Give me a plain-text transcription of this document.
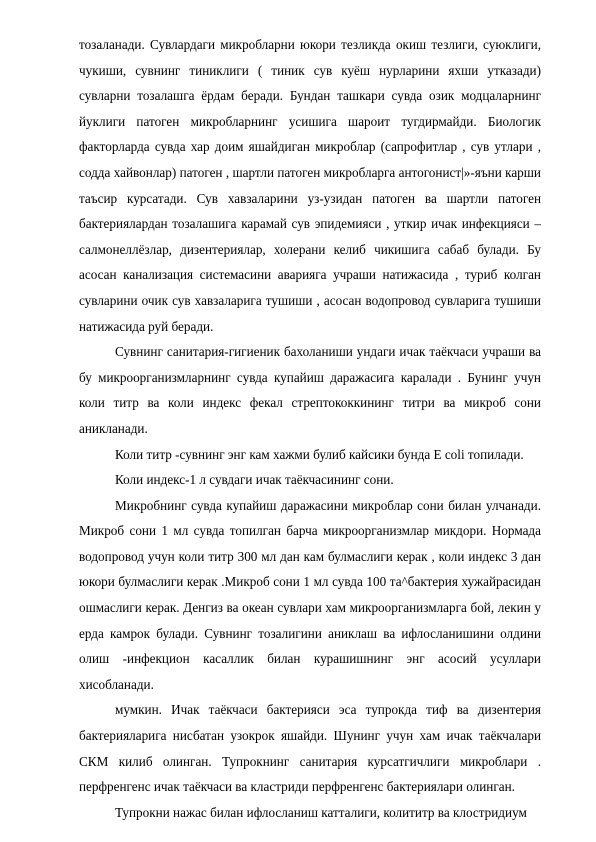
тозаланади. Сувлардаги микробларни юкори тезликда окиш тезлиги, суюклиги, чукиши, сувнинг тиниклиги ( тиник сув куёш нурларини яхши утказади) сувларни тозалашга ёрдам беради. Бундан ташкари сувда озик модцаларнинг йуклиги патоген микробларнинг усишига шароит тугдирмайди. Биологик факторларда сувда хар доим яшайдиган микроблар (сапрофитлар , сув утлари , содда хайвонлар) патоген , шартли патоген микробларга антогонист|»-яъни карши таъсир курсатади. Сув хавзаларини уз-узидан патоген ва шартли патоген бактериялардан тозалашига карамай сув эпидемияси , уткир ичак инфекцияси – салмонеллёзлар, дизентериялар, холерани келиб чикишига сабаб булади. Бу асосан канализация системасини аварияга учраши натижасида , туриб колган сувларини очик сув хавзаларига тушиши , асосан водопровод сувларига тушиши натижасида руй беради.

Сувнинг санитария-гигиеник бахоланиши ундаги ичак таёкчаси учраши ва бу микроорганизмларнинг сувда купайиш даражасига каралади . Бунинг учун коли титр ва коли индекс фекал стрептококкининг титри ва микроб сони аникланади.

Коли титр -сувнинг энг кам хажми булиб кайсики бунда E coli топилади.

Коли индекс-1 л сувдаги ичак таёкчасининг сони.

Микробнинг сувда купайиш даражасини микроблар сони билан улчанади. Микроб сони 1 мл сувда топилган барча микроорганизмлар микдори. Нормада водопровод учун коли титр 300 мл дан кам булмаслиги керак , коли индекс 3 дан юкори булмаслиги керак .Микроб сони 1 мл сувда 100 та^бактерия хужайрасидан ошмаслиги керак. Денгиз ва океан сувлари хам микроорганизмларга бой, лекин у ерда камрок булади. Сувнинг тозалигини аниклаш ва ифлосланишини олдини олиш -инфекцион касаллик билан курашишнинг энг асосий усуллари хисобланади.

мумкин. Ичак таёкчаси бактерияси эса тупрокда тиф ва дизентерия бактерияларига нисбатан узокрок яшайди. Шунинг учун хам ичак таёкчалари СКМ килиб олинган. Тупрокнинг санитария курсатгичлиги микроблари . перфренгенс ичак таёкчаси ва кластриди перфренгенс бактериялари олинган.

Тупрокни нажас билан ифлосланиш катталиги, колититр ва клостридиум
